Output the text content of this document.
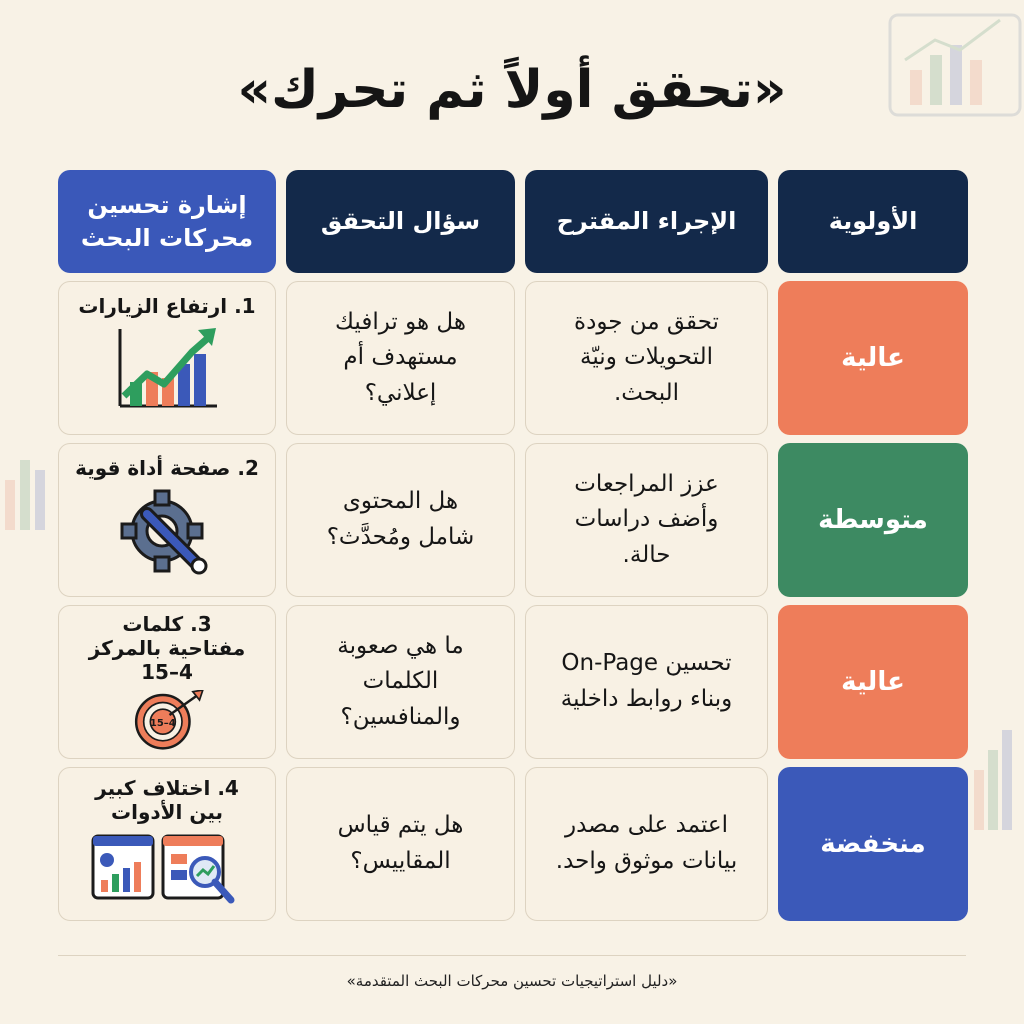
«تحقق أولاً ثم تحرك»
إشارة تحسين محركات البحث
سؤال التحقق	الإجراء المقترح	الأولوية
1. ارتفاع الزيارات
هل هو ترافيك مستهدف أم إعلاني؟
تحقق من جودة التحويلات ونيّة البحث.
عالية
2. صفحة أداة قوية
هل المحتوى شامل ومُحدَّث؟
عزز المراجعات وأضف دراسات حالة.
متوسطة
3. كلمات مفتاحية بالمركز 4–15
4–15
ما هي صعوبة الكلمات والمنافسين؟
تحسين On-Page وبناء روابط داخلية
عالية
4. اختلاف كبير بين الأدوات
هل يتم قياس المقاييس؟
اعتمد على مصدر بيانات موثوق واحد.
منخفضة
«دليل استراتيجيات تحسين محركات البحث المتقدمة»
